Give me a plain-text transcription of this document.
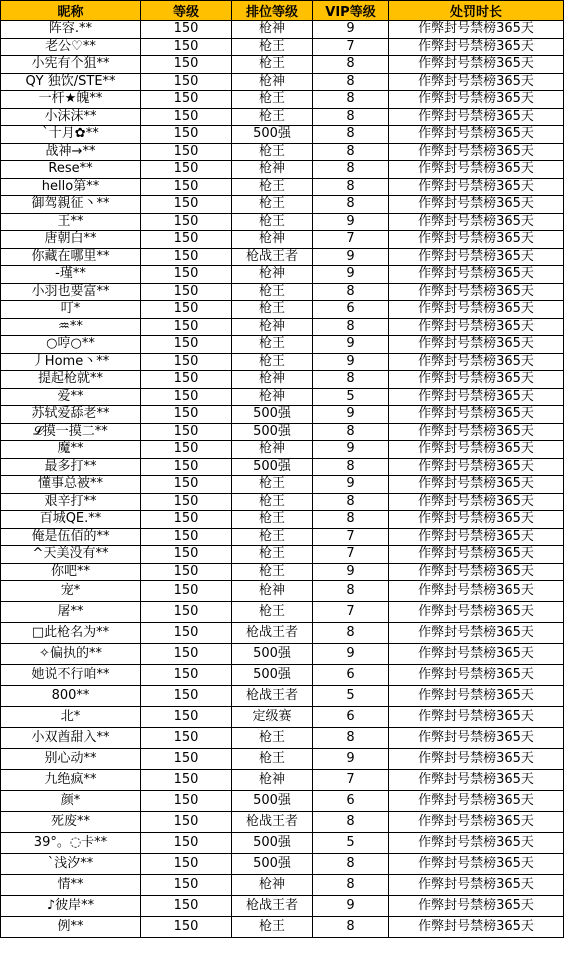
昵称	等级	排位等级	VIP等级	处罚时长
阵容.**	150	枪神	9	作弊封号禁榜365天
老公♡**	150	枪王	7	作弊封号禁榜365天
小宪有个狙**	150	枪王	8	作弊封号禁榜365天
QY 独饮/STE**	150	枪神	8	作弊封号禁榜365天
一杆★魄**	150	枪王	8	作弊封号禁榜365天
小沫沫**	150	枪王	8	作弊封号禁榜365天
`十月✿**	150	500强	8	作弊封号禁榜365天
战神→**	150	枪王	8	作弊封号禁榜365天
Rese**	150	枪神	8	作弊封号禁榜365天
hello第**	150	枪王	8	作弊封号禁榜365天
御驾親征丶**	150	枪王	8	作弊封号禁榜365天
王**	150	枪王	9	作弊封号禁榜365天
唐朝白**	150	枪神	7	作弊封号禁榜365天
你藏在哪里**	150	枪战王者	9	作弊封号禁榜365天
-瑾**	150	枪神	9	作弊封号禁榜365天
小羽也要富**	150	枪王	8	作弊封号禁榜365天
叮*	150	枪王	6	作弊封号禁榜365天
♒**	150	枪神	8	作弊封号禁榜365天
○哼○**	150	枪王	9	作弊封号禁榜365天
丿Home丶**	150	枪王	9	作弊封号禁榜365天
提起枪就**	150	枪神	8	作弊封号禁榜365天
爱**	150	枪神	5	作弊封号禁榜365天
苏轼爱舔老**	150	500强	9	作弊封号禁榜365天
𝓛摸一摸二**	150	500强	8	作弊封号禁榜365天
魔**	150	枪神	9	作弊封号禁榜365天
最多打**	150	500强	8	作弊封号禁榜365天
懂事总被**	150	枪王	9	作弊封号禁榜365天
艰辛打**	150	枪王	8	作弊封号禁榜365天
百城QE.**	150	枪王	8	作弊封号禁榜365天
俺是伍佰的**	150	枪王	7	作弊封号禁榜365天
^天美没有**	150	枪王	7	作弊封号禁榜365天
你吧**	150	枪王	9	作弊封号禁榜365天
宠*	150	枪神	8	作弊封号禁榜365天
屠**	150	枪王	7	作弊封号禁榜365天
□此枪名为**	150	枪战王者	8	作弊封号禁榜365天
✧偏执的**	150	500强	9	作弊封号禁榜365天
她说不行咱**	150	500强	6	作弊封号禁榜365天
800**	150	枪战王者	5	作弊封号禁榜365天
北*	150	定级赛	6	作弊封号禁榜365天
小双酋甜入**	150	枪王	8	作弊封号禁榜365天
别心动**	150	枪王	9	作弊封号禁榜365天
九绝疯**	150	枪神	7	作弊封号禁榜365天
颜*	150	500强	6	作弊封号禁榜365天
死废**	150	枪战王者	8	作弊封号禁榜365天
39°。◌卡**	150	500强	5	作弊封号禁榜365天
`浅汐**	150	500强	8	作弊封号禁榜365天
情**	150	枪神	8	作弊封号禁榜365天
♪彼岸**	150	枪战王者	9	作弊封号禁榜365天
例**	150	枪王	8	作弊封号禁榜365天
